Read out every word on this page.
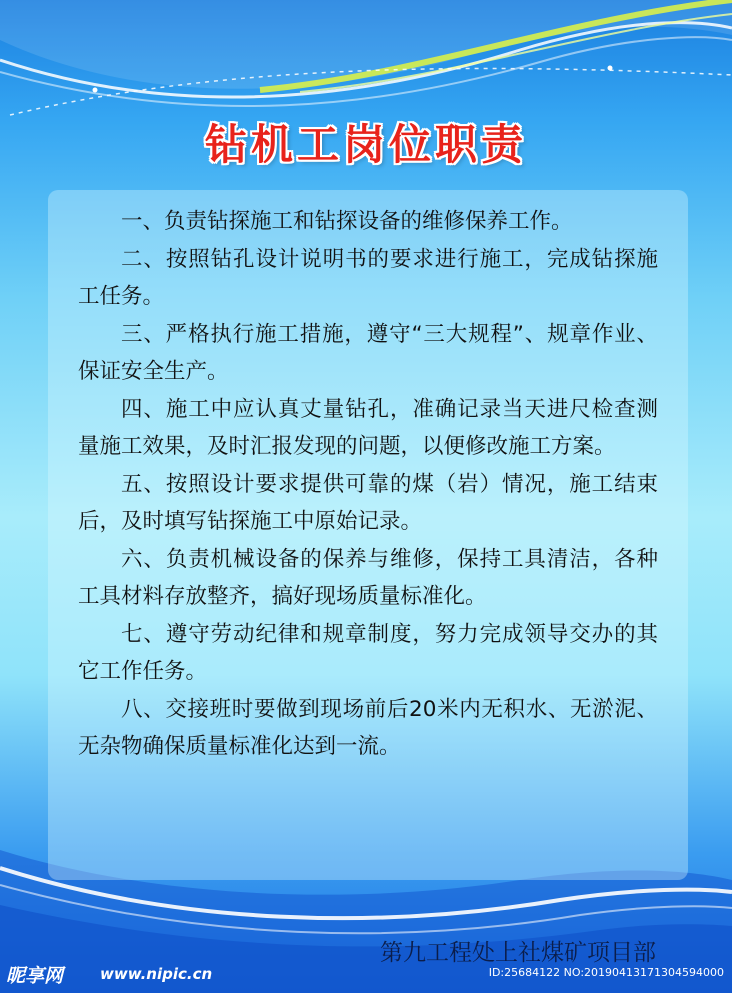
钻机工岗位职责

一、负责钻探施工和钻探设备的维修保养工作。

二、按照钻孔设计说明书的要求进行施工，完成钻探施工任务。

三、严格执行施工措施，遵守“三大规程”、规章作业、保证安全生产。

四、施工中应认真丈量钻孔，准确记录当天进尺检查测量施工效果，及时汇报发现的问题，以便修改施工方案。

五、按照设计要求提供可靠的煤（岩）情况，施工结束后，及时填写钻探施工中原始记录。

六、负责机械设备的保养与维修，保持工具清洁，各种工具材料存放整齐，搞好现场质量标准化。

七、遵守劳动纪律和规章制度，努力完成领导交办的其它工作任务。

八、交接班时要做到现场前后20米内无积水、无淤泥、无杂物确保质量标准化达到一流。

第九工程处上社煤矿项目部
昵享网 www.nipic.cn	ID:25684122 NO:20190413171304594000
